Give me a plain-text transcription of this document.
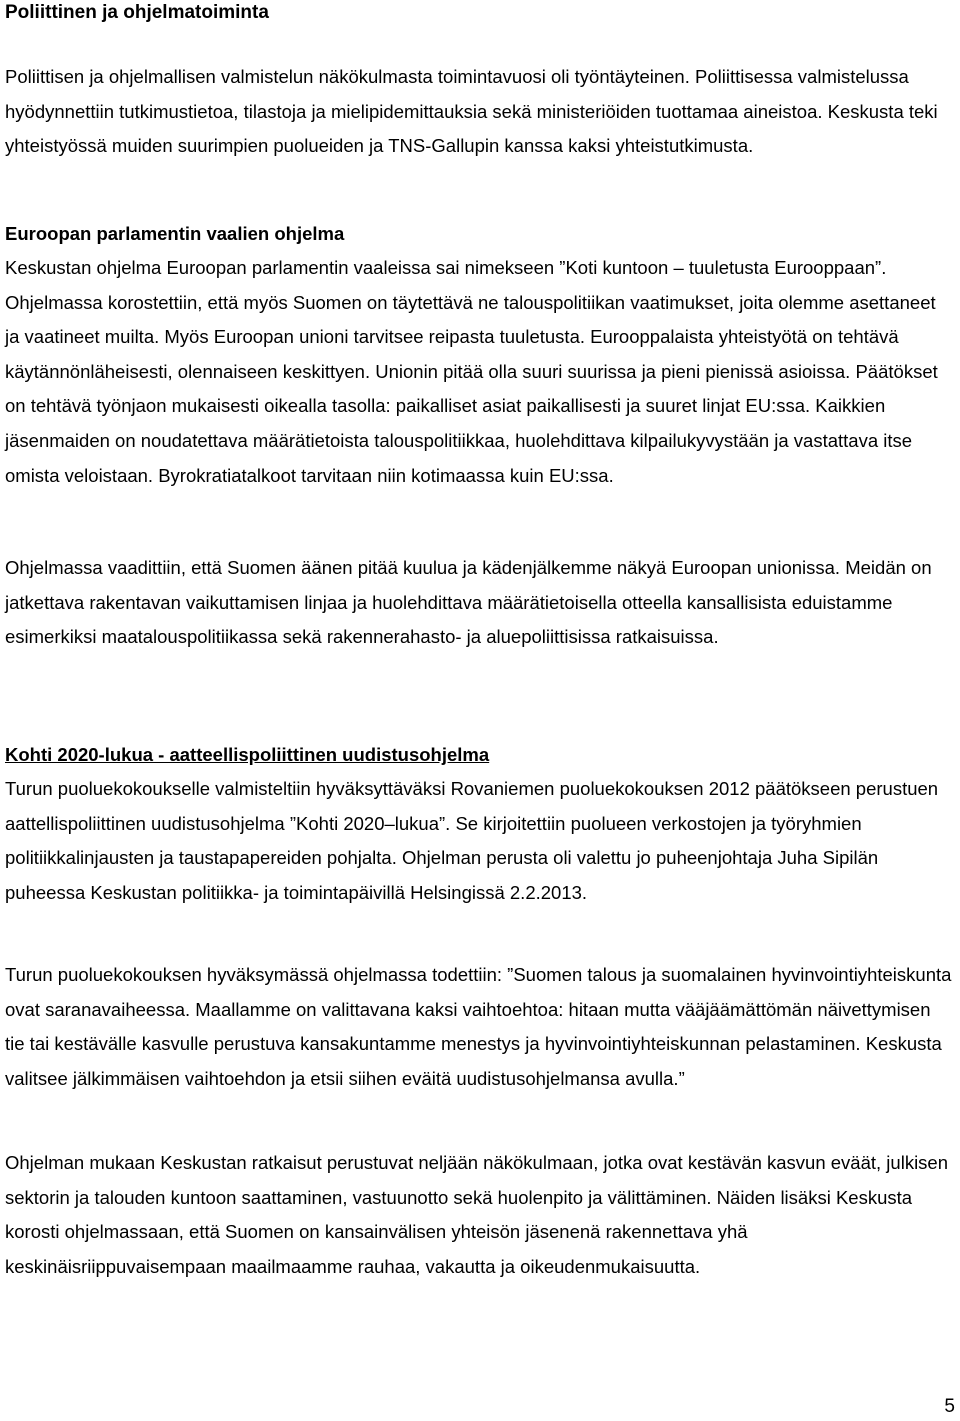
Poliittinen ja ohjelmatoiminta

Poliittisen ja ohjelmallisen valmistelun näkökulmasta toimintavuosi oli työntäyteinen. Poliittisessa valmistelussa hyödynnettiin tutkimustietoa, tilastoja ja mielipidemittauksia sekä ministeriöiden tuottamaa aineistoa. Keskusta teki yhteistyössä muiden suurimpien puolueiden ja TNS-Gallupin kanssa kaksi yhteistutkimusta.

Euroopan parlamentin vaalien ohjelma

Keskustan ohjelma Euroopan parlamentin vaaleissa sai nimekseen ”Koti kuntoon – tuuletusta Eurooppaan”. Ohjelmassa korostettiin, että myös Suomen on täytettävä ne talouspolitiikan vaatimukset, joita olemme asettaneet ja vaatineet muilta. Myös Euroopan unioni tarvitsee reipasta tuuletusta. Eurooppalaista yhteistyötä on tehtävä käytännönläheisesti, olennaiseen keskittyen. Unionin pitää olla suuri suurissa ja pieni pienissä asioissa. Päätökset on tehtävä työnjaon mukaisesti oikealla tasolla: paikalliset asiat paikallisesti ja suuret linjat EU:ssa. Kaikkien jäsenmaiden on noudatettava määrätietoista talouspolitiikkaa, huolehdittava kilpailukyvystään ja vastattava itse omista veloistaan. Byrokratiatalkoot tarvitaan niin kotimaassa kuin EU:ssa.

Ohjelmassa vaadittiin, että Suomen äänen pitää kuulua ja kädenjälkemme näkyä Euroopan unionissa. Meidän on jatkettava rakentavan vaikuttamisen linjaa ja huolehdittava määrätietoisella otteella kansallisista eduistamme esimerkiksi maatalouspolitiikassa sekä rakennerahasto- ja aluepoliittisissa ratkaisuissa.

Kohti 2020-lukua - aatteellispoliittinen uudistusohjelma

Turun puoluekokoukselle valmisteltiin hyväksyttäväksi Rovaniemen puoluekokouksen 2012 päätökseen perustuen aattellispoliittinen uudistusohjelma ”Kohti 2020–lukua”. Se kirjoitettiin puolueen verkostojen ja työryhmien politiikkalinjausten ja taustapapereiden pohjalta. Ohjelman perusta oli valettu jo puheenjohtaja Juha Sipilän puheessa Keskustan politiikka- ja toimintapäivillä Helsingissä 2.2.2013.

Turun puoluekokouksen hyväksymässä ohjelmassa todettiin: ”Suomen talous ja suomalainen hyvinvointiyhteiskunta ovat saranavaiheessa. Maallamme on valittavana kaksi vaihtoehtoa: hitaan mutta vääjäämättömän näivettymisen tie tai kestävälle kasvulle perustuva kansakuntamme menestys ja hyvinvointiyhteiskunnan pelastaminen. Keskusta valitsee jälkimmäisen vaihtoehdon ja etsii siihen eväitä uudistusohjelmansa avulla.”

Ohjelman mukaan Keskustan ratkaisut perustuvat neljään näkökulmaan, jotka ovat kestävän kasvun eväät, julkisen sektorin ja talouden kuntoon saattaminen, vastuunotto sekä huolenpito ja välittäminen. Näiden lisäksi Keskusta korosti ohjelmassaan, että Suomen on kansainvälisen yhteisön jäsenenä rakennettava yhä keskinäisriippuvaisempaan maailmaamme rauhaa, vakautta ja oikeudenmukaisuutta.

5
